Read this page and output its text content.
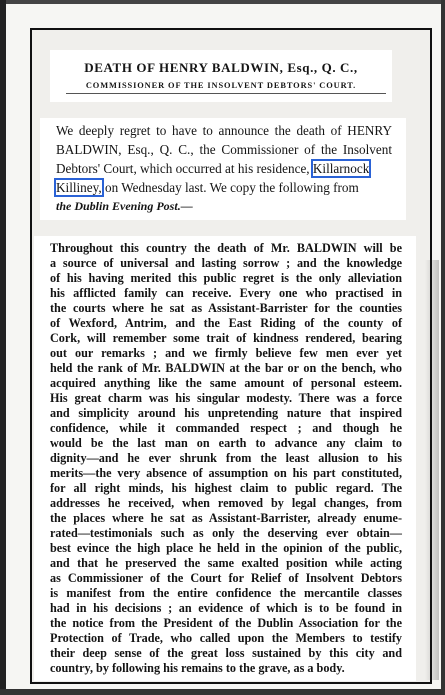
DEATH OF HENRY BALDWIN, Esq., Q. C.,
COMMISSIONER OF THE INSOLVENT DEBTORS' COURT.
We deeply regret to have to announce the death of HENRY
BALDWIN, Esq., Q. C., the Commissioner of the Insolvent
Debtors' Court, which occurred at his residence, Killarnock
Killiney, on Wednesday last. We copy the following from
the Dublin Evening Post.—
Throughout this country the death of Mr. BALDWIN will be
a source of universal and lasting sorrow ; and the knowledge
of his having merited this public regret is the only alleviation
his afflicted family can receive. Every one who practised in
the courts where he sat as Assistant-Barrister for the counties
of Wexford, Antrim, and the East Riding of the county of
Cork, will remember some trait of kindness rendered, bearing
out our remarks ; and we firmly believe few men ever yet
held the rank of Mr. BALDWIN at the bar or on the bench, who
acquired anything like the same amount of personal esteem.
His great charm was his singular modesty. There was a force
and simplicity around his unpretending nature that inspired
confidence, while it commanded respect ; and though he
would be the last man on earth to advance any claim to
dignity—and he ever shrunk from the least allusion to his
merits—the very absence of assumption on his part constituted,
for all right minds, his highest claim to public regard. The
addresses he received, when removed by legal changes, from
the places where he sat as Assistant-Barrister, already enume-
rated—testimonials such as only the deserving ever obtain—
best evince the high place he held in the opinion of the public,
and that he preserved the same exalted position while acting
as Commissioner of the Court for Relief of Insolvent Debtors
is manifest from the entire confidence the mercantile classes
had in his decisions ; an evidence of which is to be found in
the notice from the President of the Dublin Association for the
Protection of Trade, who called upon the Members to testify
their deep sense of the great loss sustained by this city and
country, by following his remains to the grave, as a body.
